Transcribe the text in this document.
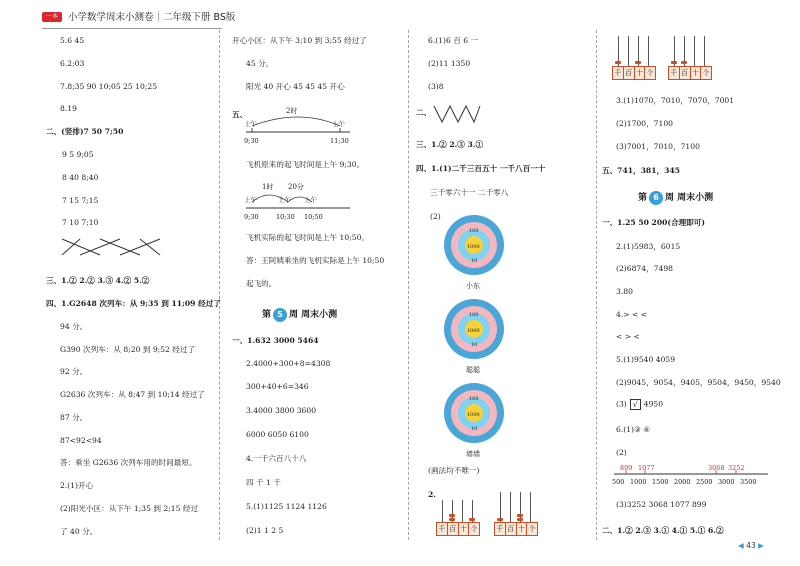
一本	小学数学周末小测卷｜二年级下册 BS版
5.6 45
6.2;03
7.8;35 90 10;05 25 10;25
8.19
二、(竖排)7 50 7;50
9 5 9;05
8 40 8;40
7 15 7;15
7 10 7;10
三、1.② 2.② 3.③ 4.② 5.②
四、1.G2648 次列车：从 9;35 到 11;09 经过了
94 分。
G390 次列车：从 8;20 到 9;52 经过了
92 分。
G2636 次列车：从 8;47 到 10;14 经过了
87 分。
87<92<94
答：乘坐 G2636 次列车用的时间最短。
2.(1)开心
(2)阳光小区：从下午 1;35 到 2;15 经过
了 40 分。
开心小区：从下午 3;10 到 3;55 经过了
45 分。
阳光 40 开心 45 45 45 开心
五、	2时
上午	上午
9;30	11;30
飞机原来的起飞时间是上午 9;30。
1时 20分
上午	上午 上午
9;30	10;30 10;50
飞机实际的起飞时间是上午 10;50。
答：王阿姨乘坐的飞机实际是上午 10;50
起飞的。
第 5 周 周末小测
一、1.632 3000 5464
2.4000+300+8=4308
300+40+6=346
3.4000 3800 3600
6000 6050 6100
4.一千六百八十八
四 千 1 千
5.(1)1125 1124 1126
(2)1 1 2 5
6.(1)6 百 6 一
(2)11 1350
(3)8
二、
三、1.② 2.③ 3.①
四、1.(1)二千三百五十 一千八百一十
三千零六十一 二千零八
(2)
100
1000
10
小东
100
1000
10
聪聪
100
1000
10
墙墙
(画法均不唯一)
2.
千 百 十 个	千 百 十 个
千 百 十 个 千 百 十 个
3.(1)1070，7010，7070，7001
(2)1700，7100
(3)7001，7010，7100
五、741，381，345
第 6 周 周末小测
一、1.25 50 200(合理即可)
2.(1)5983，6015
(2)6874，7498
3.80
4.> < <
< > <
5.(1)9540 4059
(2)9045，9054，9405，9504，9450，9540
(3) √ 4950
6.(1)③ ④
(2)
899 1077	3068 3252
500 1000 1500 2000 2500 3000 3500
(3)3252 3068 1077 899
二、1.② 2.③ 3.① 4.① 5.① 6.②
◀ 43 ▶
